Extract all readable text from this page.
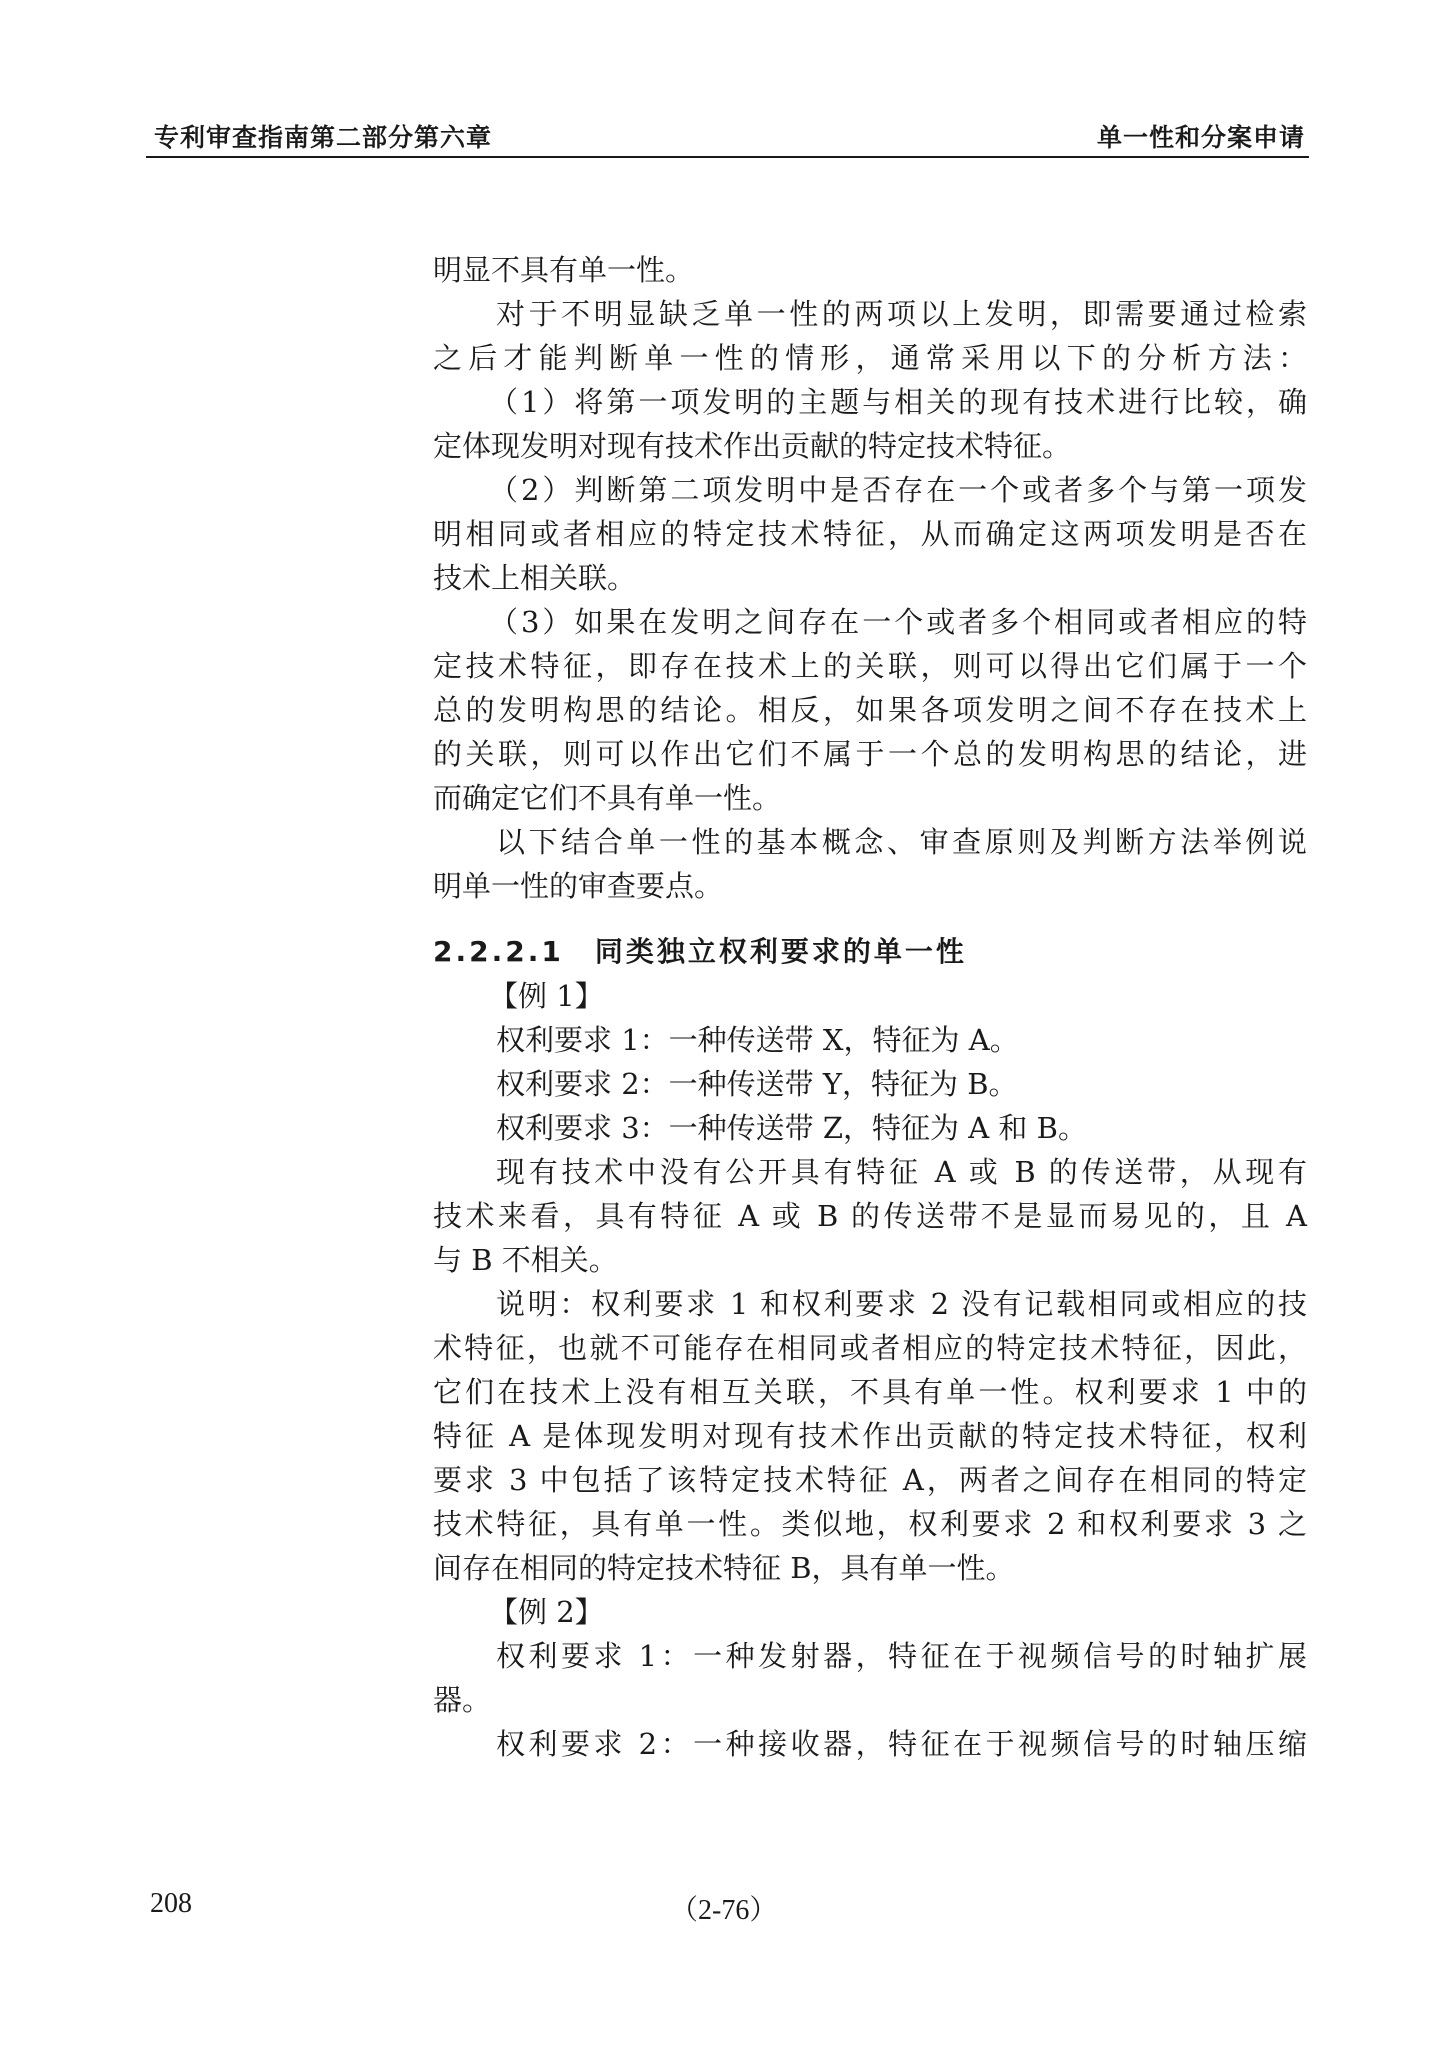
专利审查指南第二部分第六章	单一性和分案申请
明显不具有单一性。
对于不明显缺乏单一性的两项以上发明，即需要通过检索
之后才能判断单一性的情形，通常采用以下的分析方法：
（1）将第一项发明的主题与相关的现有技术进行比较，确
定体现发明对现有技术作出贡献的特定技术特征。
（2）判断第二项发明中是否存在一个或者多个与第一项发
明相同或者相应的特定技术特征，从而确定这两项发明是否在
技术上相关联。
（3）如果在发明之间存在一个或者多个相同或者相应的特
定技术特征，即存在技术上的关联，则可以得出它们属于一个
总的发明构思的结论。相反，如果各项发明之间不存在技术上
的关联，则可以作出它们不属于一个总的发明构思的结论，进
而确定它们不具有单一性。
以下结合单一性的基本概念、审查原则及判断方法举例说
明单一性的审查要点。
2.2.2.1　同类独立权利要求的单一性
【例 1】
权利要求 1：一种传送带 X，特征为 A。
权利要求 2：一种传送带 Y，特征为 B。
权利要求 3：一种传送带 Z，特征为 A 和 B。
现有技术中没有公开具有特征 A 或 B 的传送带，从现有
技术来看，具有特征 A 或 B 的传送带不是显而易见的，且 A
与 B 不相关。
说明：权利要求 1 和权利要求 2 没有记载相同或相应的技
术特征，也就不可能存在相同或者相应的特定技术特征，因此，
它们在技术上没有相互关联，不具有单一性。权利要求 1 中的
特征 A 是体现发明对现有技术作出贡献的特定技术特征，权利
要求 3 中包括了该特定技术特征 A，两者之间存在相同的特定
技术特征，具有单一性。类似地，权利要求 2 和权利要求 3 之
间存在相同的特定技术特征 B，具有单一性。
【例 2】
权利要求 1：一种发射器，特征在于视频信号的时轴扩展
器。
权利要求 2：一种接收器，特征在于视频信号的时轴压缩
208	（2-76）
